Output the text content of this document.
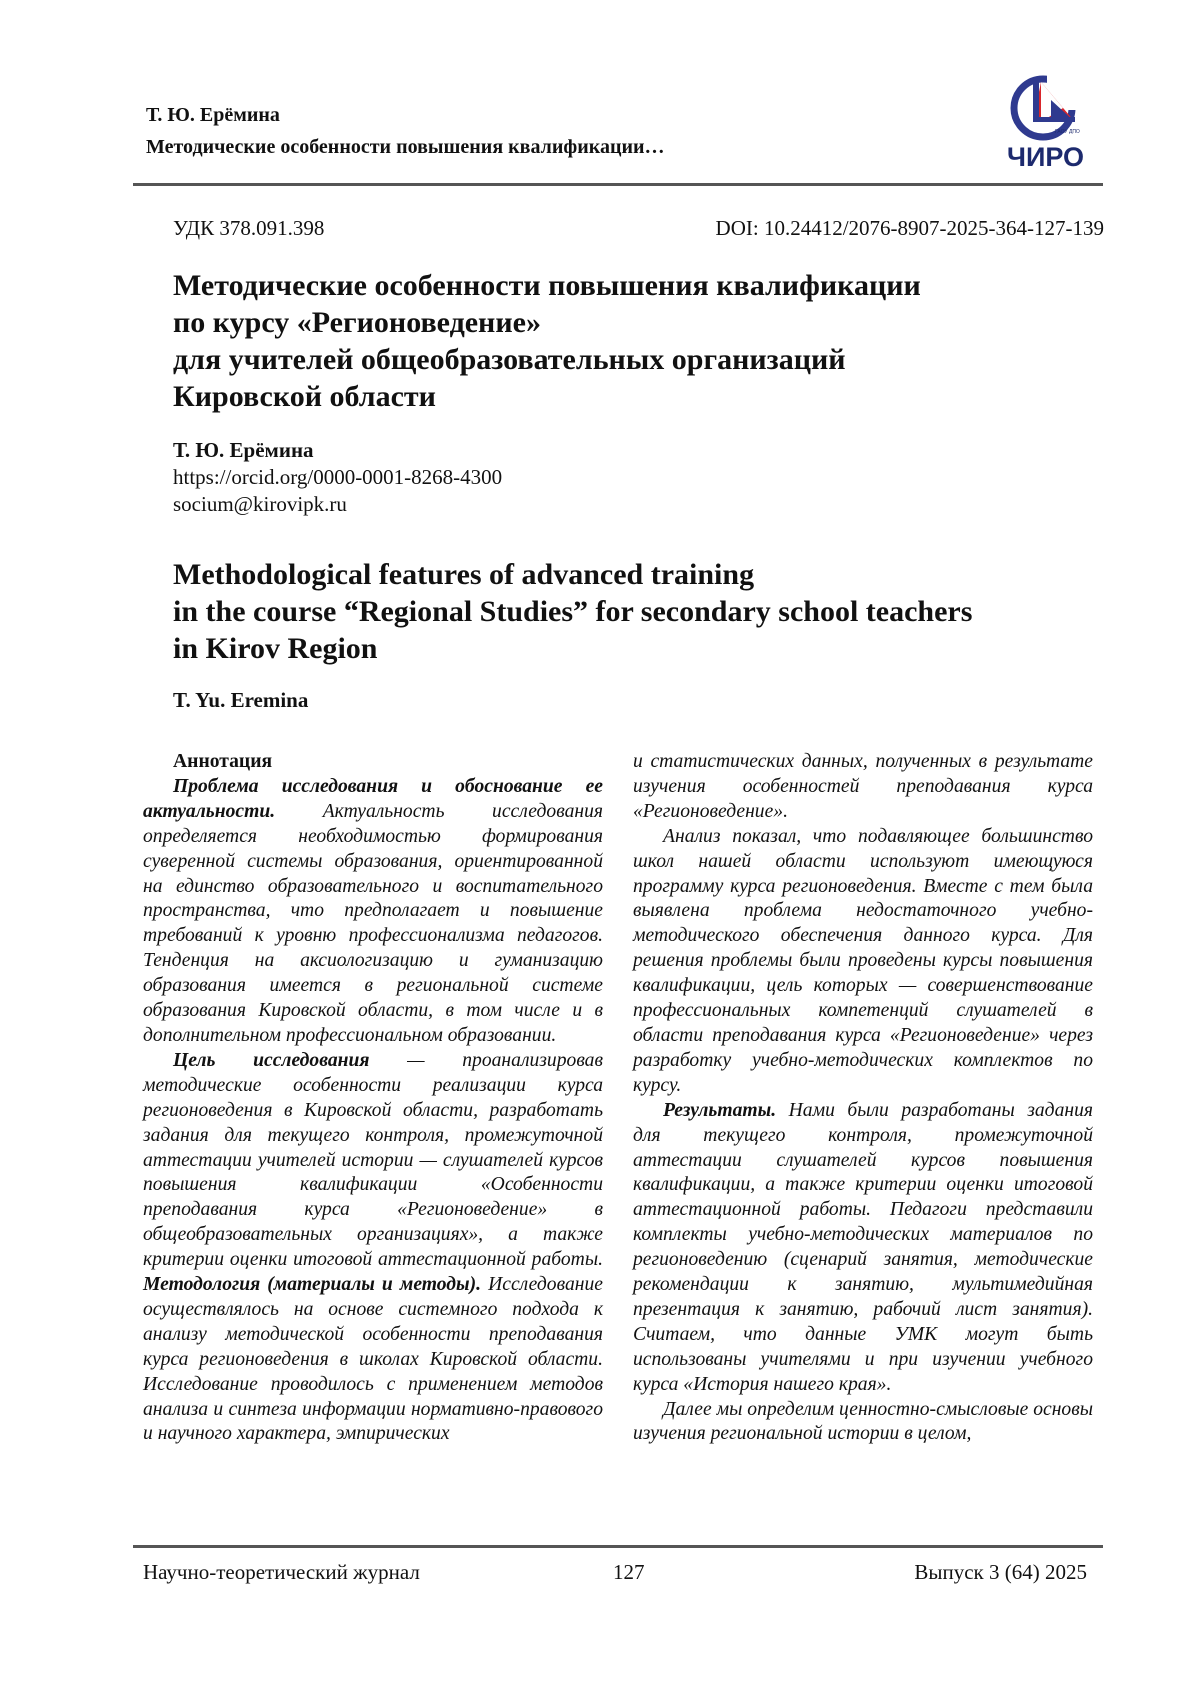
Т. Ю. Ерёмина
Методические особенности повышения квалификации…
ГАОУ ДПО
ЧИРО
УДК 378.091.398	DOI: 10.24412/2076-8907-2025-364-127-139
Методические особенности повышения квалификации
по курсу «Регионоведение»
для учителей общеобразовательных организаций
Кировской области
Т. Ю. Ерёмина
https://orcid.org/0000-0001-8268-4300
socium@kirovipk.ru
Methodological features of advanced training
in the course “Regional Studies” for secondary school teachers
in Kirov Region
T. Yu. Eremina

Аннотация

Проблема исследования и обоснование ее актуальности. Актуальность исследования определяется необходимостью формирования суверенной системы образования, ориентированной на единство образовательного и воспитательного пространства, что предполагает и повышение требований к уровню профессионализма педагогов. Тенденция на аксиологизацию и гуманизацию образования имеется в региональной системе образования Кировской области, в том числе и в дополнительном профессиональном образовании.

Цель исследования — проанализировав методические особенности реализации курса регионоведения в Кировской области, разработать задания для текущего контроля, промежуточной аттестации учителей истории — слушателей курсов повышения квалификации «Особенности преподавания курса «Регионоведение» в общеобразовательных организациях», а также критерии оценки итоговой аттестационной работы. Методология (материалы и методы). Исследование осуществлялось на основе системного подхода к анализу методической особенности преподавания курса регионоведения в школах Кировской области. Исследование проводилось с применением методов анализа и синтеза информации нормативно-правового и научного характера, эмпирических

и статистических данных, полученных в результате изучения особенностей преподавания курса «Регионоведение».

Анализ показал, что подавляющее большинство школ нашей области используют имеющуюся программу курса регионоведения. Вместе с тем была выявлена проблема недостаточного учебно-методического обеспечения данного курса. Для решения проблемы были проведены курсы повышения квалификации, цель которых — совершенствование профессиональных компетенций слушателей в области преподавания курса «Регионоведение» через разработку учебно-методических комплектов по курсу.

Результаты. Нами были разработаны задания для текущего контроля, промежуточной аттестации слушателей курсов повышения квалификации, а также критерии оценки итоговой аттестационной работы. Педагоги представили комплекты учебно-методических материалов по регионоведению (сценарий занятия, методические рекомендации к занятию, мультимедийная презентация к занятию, рабочий лист занятия). Считаем, что данные УМК могут быть использованы учителями и при изучении учебного курса «История нашего края».

Далее мы определим ценностно-смысловые основы изучения региональной истории в целом,

Научно-теоретический журнал	127	Выпуск 3 (64) 2025
